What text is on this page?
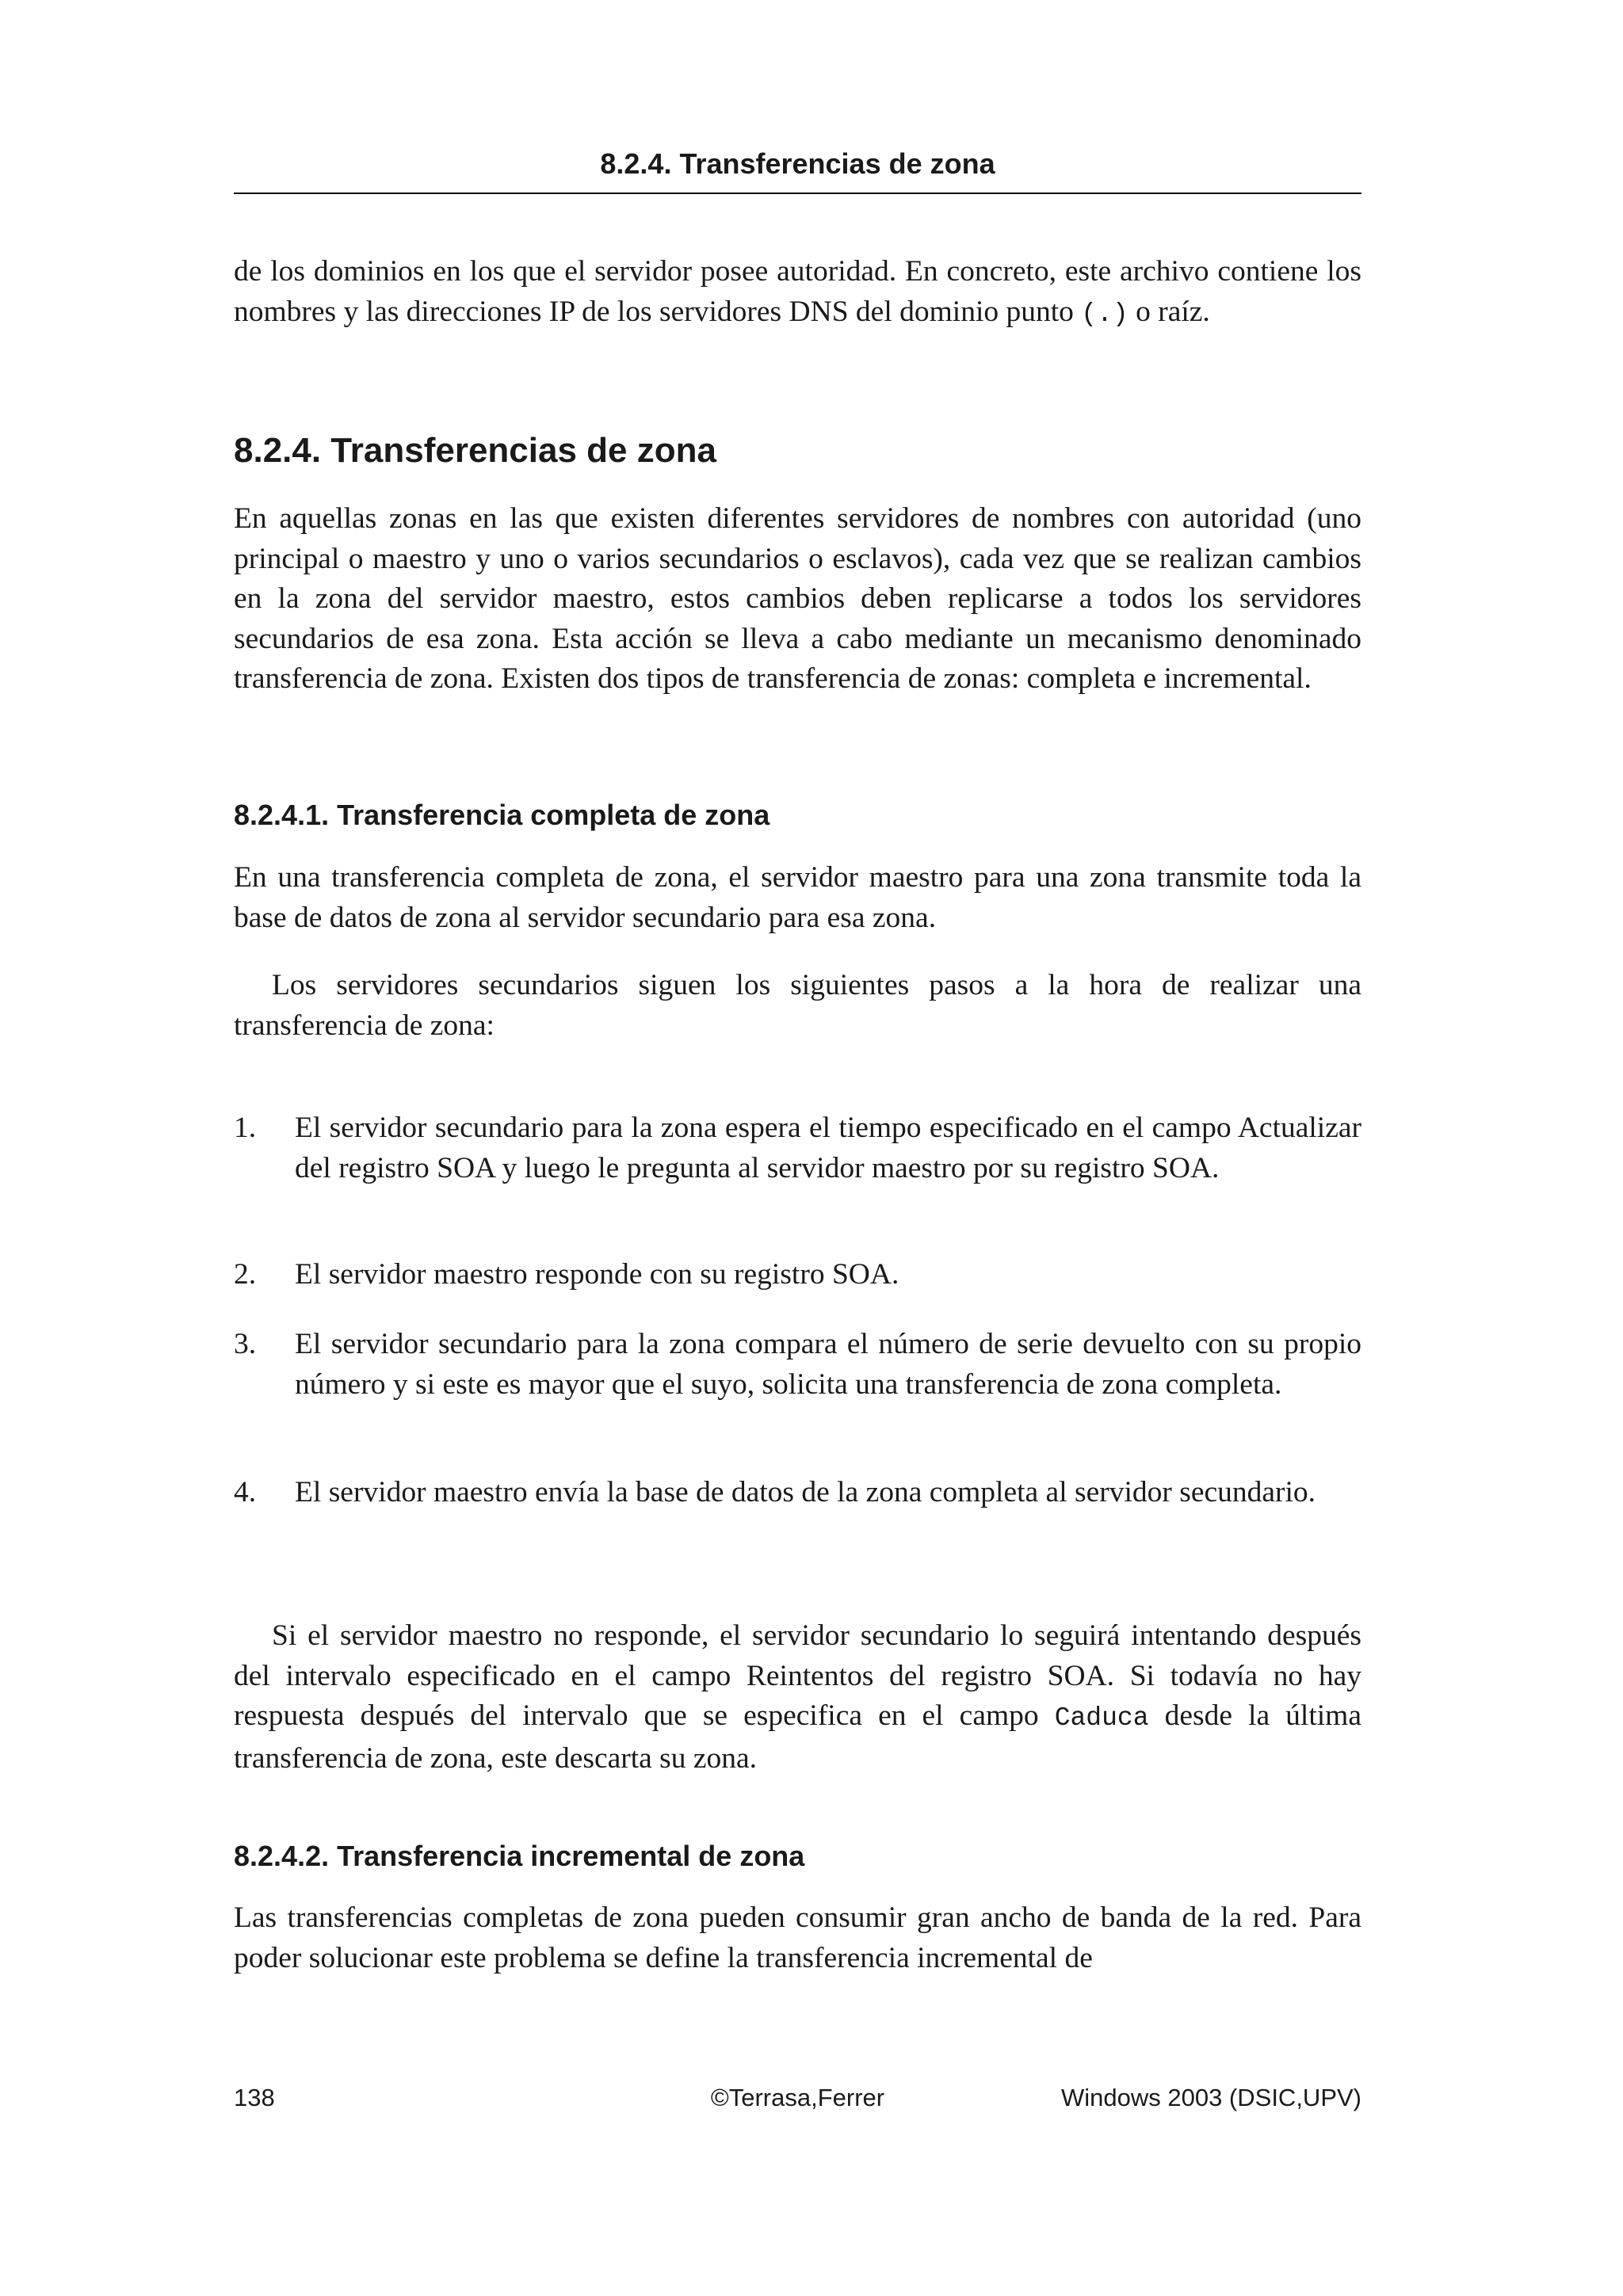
8.2.4. Transferencias de zona

de los dominios en los que el servidor posee autoridad. En concreto, este archivo contiene los nombres y las direcciones IP de los servidores DNS del dominio punto (.) o raíz.

8.2.4. Transferencias de zona

En aquellas zonas en las que existen diferentes servidores de nombres con autoridad (uno principal o maestro y uno o varios secundarios o esclavos), cada vez que se realizan cambios en la zona del servidor maestro, estos cambios deben replicarse a todos los servidores secundarios de esa zona. Esta acción se lleva a cabo mediante un mecanismo denominado transferencia de zona. Existen dos tipos de transferencia de zonas: completa e incremental.

8.2.4.1. Transferencia completa de zona

En una transferencia completa de zona, el servidor maestro para una zona transmite toda la base de datos de zona al servidor secundario para esa zona.

Los servidores secundarios siguen los siguientes pasos a la hora de realizar una transferencia de zona:

1. El servidor secundario para la zona espera el tiempo especificado en el campo Actualizar del registro SOA y luego le pregunta al servidor maestro por su registro SOA.

2. El servidor maestro responde con su registro SOA.

3. El servidor secundario para la zona compara el número de serie devuelto con su propio número y si este es mayor que el suyo, solicita una transferencia de zona completa.

4. El servidor maestro envía la base de datos de la zona completa al servidor secundario.

Si el servidor maestro no responde, el servidor secundario lo seguirá intentando después del intervalo especificado en el campo Reintentos del registro SOA. Si todavía no hay respuesta después del intervalo que se especifica en el campo Caduca desde la última transferencia de zona, este descarta su zona.

8.2.4.2. Transferencia incremental de zona

Las transferencias completas de zona pueden consumir gran ancho de banda de la red. Para poder solucionar este problema se define la transferencia incremental de

138	©Terrasa,Ferrer	Windows 2003 (DSIC,UPV)
